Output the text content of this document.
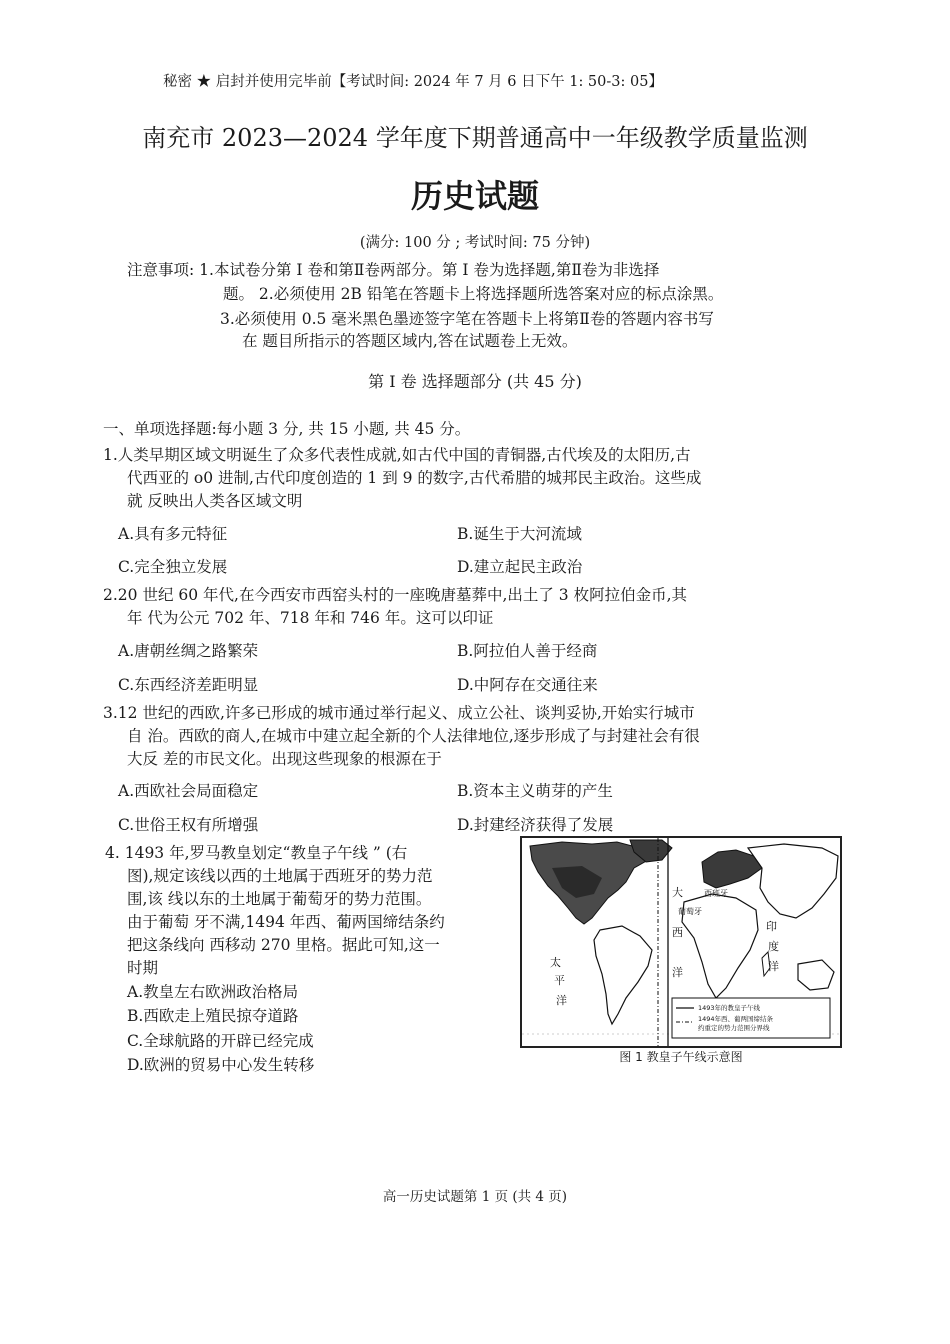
秘密 ★ 启封并使用完毕前【考试时间: 2024 年 7 月 6 日下午 1: 50-3: 05】
南充市 2023—2024 学年度下期普通高中一年级教学质量监测
历史试题
(满分: 100 分 ; 考试时间: 75 分钟)
注意事项: 1.本试卷分第 I 卷和第Ⅱ卷两部分。第 I 卷为选择题,第Ⅱ卷为非选择
题。 2.必须使用 2B 铅笔在答题卡上将选择题所选答案对应的标点涂黑。
3.必须使用 0.5 毫米黑色墨迹签字笔在答题卡上将第Ⅱ卷的答题内容书写
在 题目所指示的答题区域内,答在试题卷上无效。
第 I 卷 选择题部分 (共 45 分)
一、单项选择题:每小题 3 分, 共 15 小题, 共 45 分。
1.人类早期区域文明诞生了众多代表性成就,如古代中国的青铜器,古代埃及的太阳历,古
代西亚的 o0 进制,古代印度创造的 1 到 9 的数字,古代希腊的城邦民主政治。这些成
就 反映出人类各区域文明
A.具有多元特征	B.诞生于大河流域
C.完全独立发展	D.建立起民主政治
2.20 世纪 60 年代,在今西安市西窑头村的一座晚唐墓葬中,出土了 3 枚阿拉伯金币,其
年 代为公元 702 年、718 年和 746 年。这可以印证
A.唐朝丝绸之路繁荣	B.阿拉伯人善于经商
C.东西经济差距明显	D.中阿存在交通往来
3.12 世纪的西欧,许多已形成的城市通过举行起义、成立公社、谈判妥协,开始实行城市
自 治。西欧的商人,在城市中建立起全新的个人法律地位,逐步形成了与封建社会有很
大反 差的市民文化。出现这些现象的根源在于
A.西欧社会局面稳定	B.资本主义萌芽的产生
C.世俗王权有所增强	D.封建经济获得了发展
4. 1493 年,罗马教皇划定“教皇子午线 ” (右
图),规定该线以西的土地属于西班牙的势力范
围,该 线以东的土地属于葡萄牙的势力范围。
由于葡萄 牙不满,1494 年西、葡两国缔结条约
把这条线向 西移动 270 里格。据此可知,这一
时期
A.教皇左右欧洲政治格局
B.西欧走上殖民掠夺道路
C.全球航路的开辟已经完成
D.欧洲的贸易中心发生转移
大
西
洋
太
平
洋
葡萄牙
西班牙
印
度
洋
1493年的教皇子午线
1494年西、葡两国缔结条
约重定的势力范围分界线
图 1 教皇子午线示意图
高一历史试题第 1 页 (共 4 页)
